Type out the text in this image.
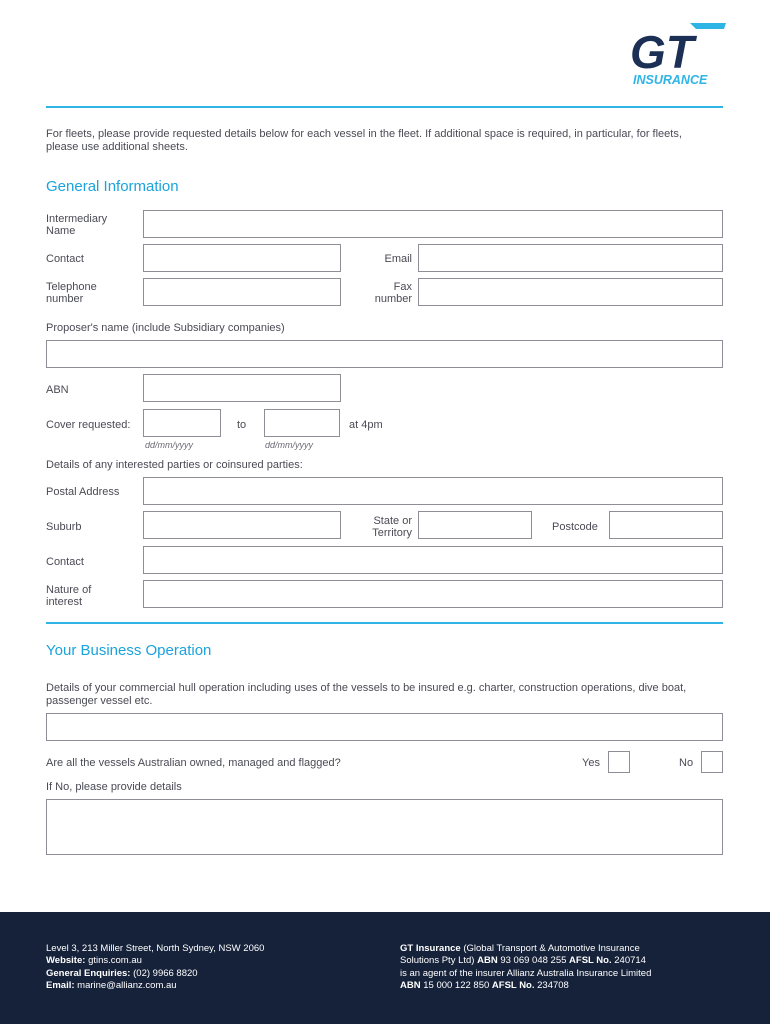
GT
INSURANCE
For fleets, please provide requested details below for each vessel in the fleet. If additional space is required, in particular, for fleets, please use additional sheets.
General Information
Intermediary Name
Contact	Email
Telephone number
Fax number
Proposer's name (include Subsidiary companies)
ABN
Cover requested:	to	at 4pm
dd/mm/yyyy	dd/mm/yyyy
Details of any interested parties or coinsured parties:
Postal Address
Suburb	State or Territory	Postcode
Contact
Nature of interest
Your Business Operation
Details of your commercial hull operation including uses of the vessels to be insured e.g. charter, construction operations, dive boat, passenger vessel etc.
Are all the vessels Australian owned, managed and flagged?	Yes	No
If No, please provide details
Level 3, 213 Miller Street, North Sydney, NSW 2060
Website: gtins.com.au
General Enquiries: (02) 9966 8820
Email: marine@allianz.com.au
GT Insurance (Global Transport & Automotive Insurance
Solutions Pty Ltd) ABN 93 069 048 255 AFSL No. 240714
is an agent of the insurer Allianz Australia Insurance Limited
ABN 15 000 122 850 AFSL No. 234708
